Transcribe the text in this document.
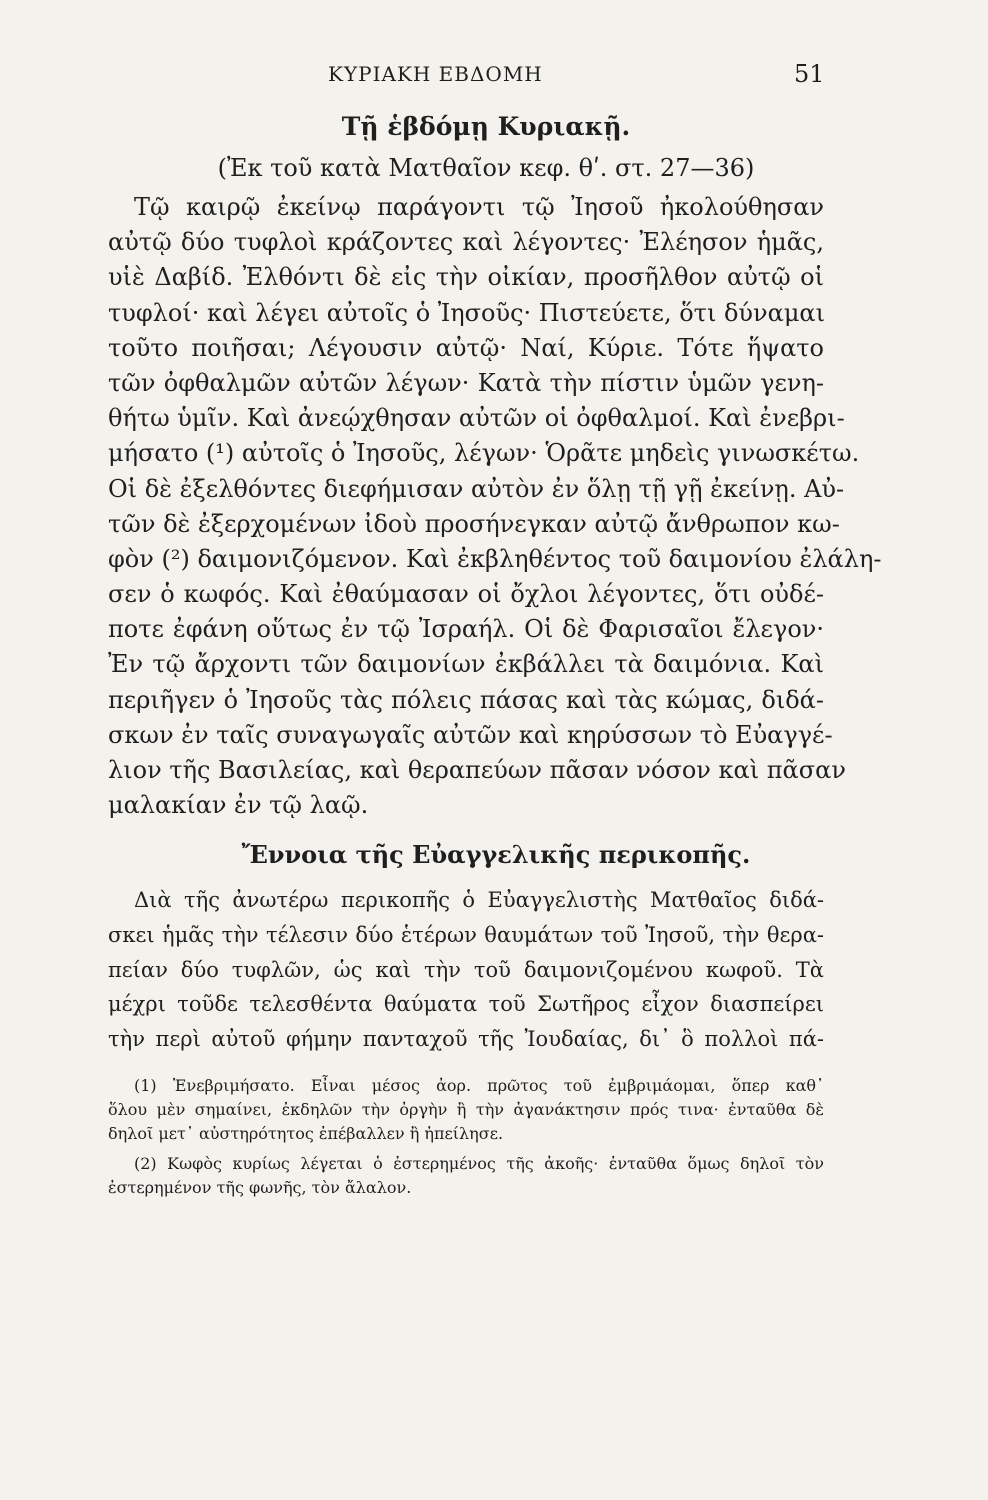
ΚΥΡΙΑΚΗ ΕΒΔΟΜΗ	51
Τῇ ἑβδόμῃ Κυριακῇ.
(Ἐκ τοῦ κατὰ Ματθαῖον κεφ. θʹ. στ. 27—36)
Τῷ καιρῷ ἐκείνῳ παράγοντι τῷ Ἰησοῦ ἠκολούθησαν
αὐτῷ δύο τυφλοὶ κράζοντες καὶ λέγοντες· Ἐλέησον ἡμᾶς,
υἱὲ Δαβίδ. Ἐλθόντι δὲ εἰς τὴν οἰκίαν, προσῆλθον αὐτῷ οἱ
τυφλοί· καὶ λέγει αὐτοῖς ὁ Ἰησοῦς· Πιστεύετε, ὅτι δύναμαι
τοῦτο ποιῆσαι; Λέγουσιν αὐτῷ· Ναί, Κύριε. Τότε ἥψατο
τῶν ὀφθαλμῶν αὐτῶν λέγων· Κατὰ τὴν πίστιν ὑμῶν γενη-
θήτω ὑμῖν. Καὶ ἀνεῴχθησαν αὐτῶν οἱ ὀφθαλμοί. Καὶ ἐνεβρι-
μήσατο (¹) αὐτοῖς ὁ Ἰησοῦς, λέγων· Ὁρᾶτε μηδεὶς γινωσκέτω.
Οἱ δὲ ἐξελθόντες διεφήμισαν αὐτὸν ἐν ὅλῃ τῇ γῇ ἐκείνῃ. Αὐ-
τῶν δὲ ἐξερχομένων ἰδοὺ προσήνεγκαν αὐτῷ ἄνθρωπον κω-
φὸν (²) δαιμονιζόμενον. Καὶ ἐκβληθέντος τοῦ δαιμονίου ἐλάλη-
σεν ὁ κωφός. Καὶ ἐθαύμασαν οἱ ὄχλοι λέγοντες, ὅτι οὐδέ-
ποτε ἐφάνη οὕτως ἐν τῷ Ἰσραήλ. Οἱ δὲ Φαρισαῖοι ἔλεγον·
Ἐν τῷ ἄρχοντι τῶν δαιμονίων ἐκβάλλει τὰ δαιμόνια. Καὶ
περιῆγεν ὁ Ἰησοῦς τὰς πόλεις πάσας καὶ τὰς κώμας, διδά-
σκων ἐν ταῖς συναγωγαῖς αὐτῶν καὶ κηρύσσων τὸ Εὐαγγέ-
λιον τῆς Βασιλείας, καὶ θεραπεύων πᾶσαν νόσον καὶ πᾶσαν
μαλακίαν ἐν τῷ λαῷ.
Ἔννοια τῆς Εὐαγγελικῆς περικοπῆς.
Διὰ τῆς ἀνωτέρω περικοπῆς ὁ Εὐαγγελιστὴς Ματθαῖος διδά-
σκει ἡμᾶς τὴν τέλεσιν δύο ἑτέρων θαυμάτων τοῦ Ἰησοῦ, τὴν θερα-
πείαν δύο τυφλῶν, ὡς καὶ τὴν τοῦ δαιμονιζομένου κωφοῦ. Τὰ
μέχρι τοῦδε τελεσθέντα θαύματα τοῦ Σωτῆρος εἶχον διασπείρει
τὴν περὶ αὐτοῦ φήμην πανταχοῦ τῆς Ἰουδαίας, δι᾿ ὃ πολλοὶ πά-
(1) Ἐνεβριμήσατο. Εἶναι μέσος ἀορ. πρῶτος τοῦ ἐμβριμάομαι, ὅπερ καθ᾿
ὅλου μὲν σημαίνει, ἐκδηλῶν τὴν ὀργὴν ἢ τὴν ἀγανάκτησιν πρός τινα· ἐνταῦθα δὲ
δηλοῖ μετ᾿ αὐστηρότητος ἐπέβαλλεν ἢ ἠπείλησε.
(2) Κωφὸς κυρίως λέγεται ὁ ἐστερημένος τῆς ἀκοῆς· ἐνταῦθα ὅμως δηλοῖ τὸν
ἐστερημένον τῆς φωνῆς, τὸν ἄλαλον.
